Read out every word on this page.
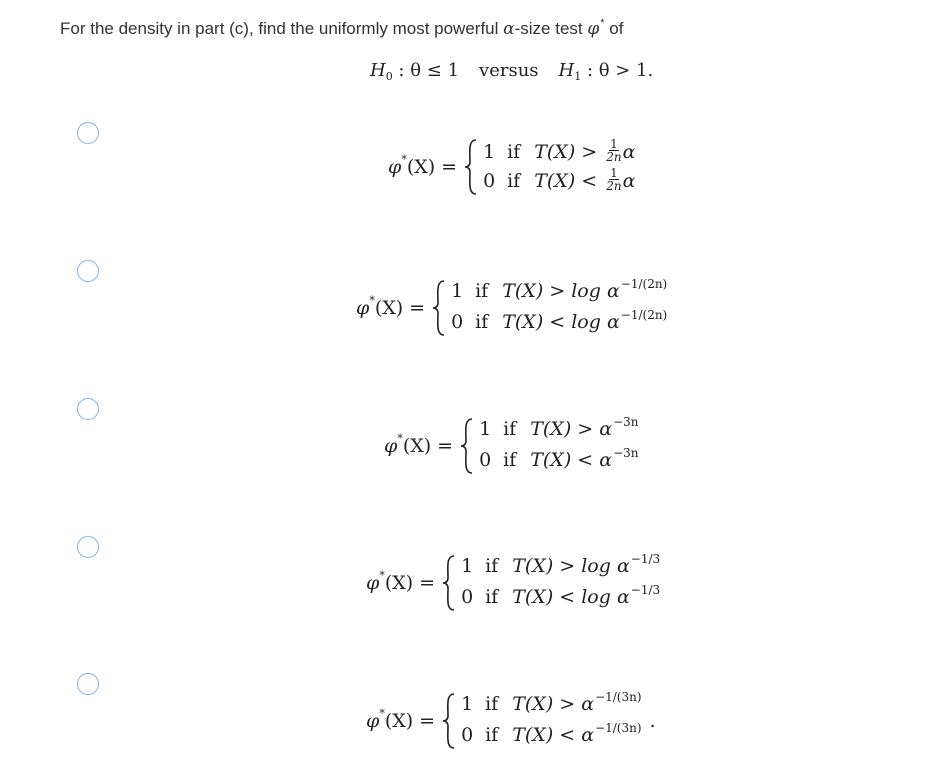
For the density in part (c), find the uniformly most powerful α-size test φ* of
$H_0$ : θ ≤ 1 versus $H_1$ : θ > 1.
φ * (X) =
1 if $T(X) > \frac{1}{2n}$ α
0 if $T(X) < \frac{1}{2n}$ α
φ * (X) =
1 if $T(X) > \log \alpha^{-1/(2n)}$
0 if $T(X) < \log \alpha^{-1/(2n)}$
φ * (X) =
1 if $T(X) > \alpha^{-3n}$
0 if $T(X) < \alpha^{-3n}$
φ * (X) =
1 if $T(X) > \log \alpha^{-1/3}$
0 if $T(X) < \log \alpha^{-1/3}$
φ * (X) =
1 if $T(X) > \alpha^{-1/(3n)}$
0 if $T(X) < \alpha^{-1/(3n)}$ .
